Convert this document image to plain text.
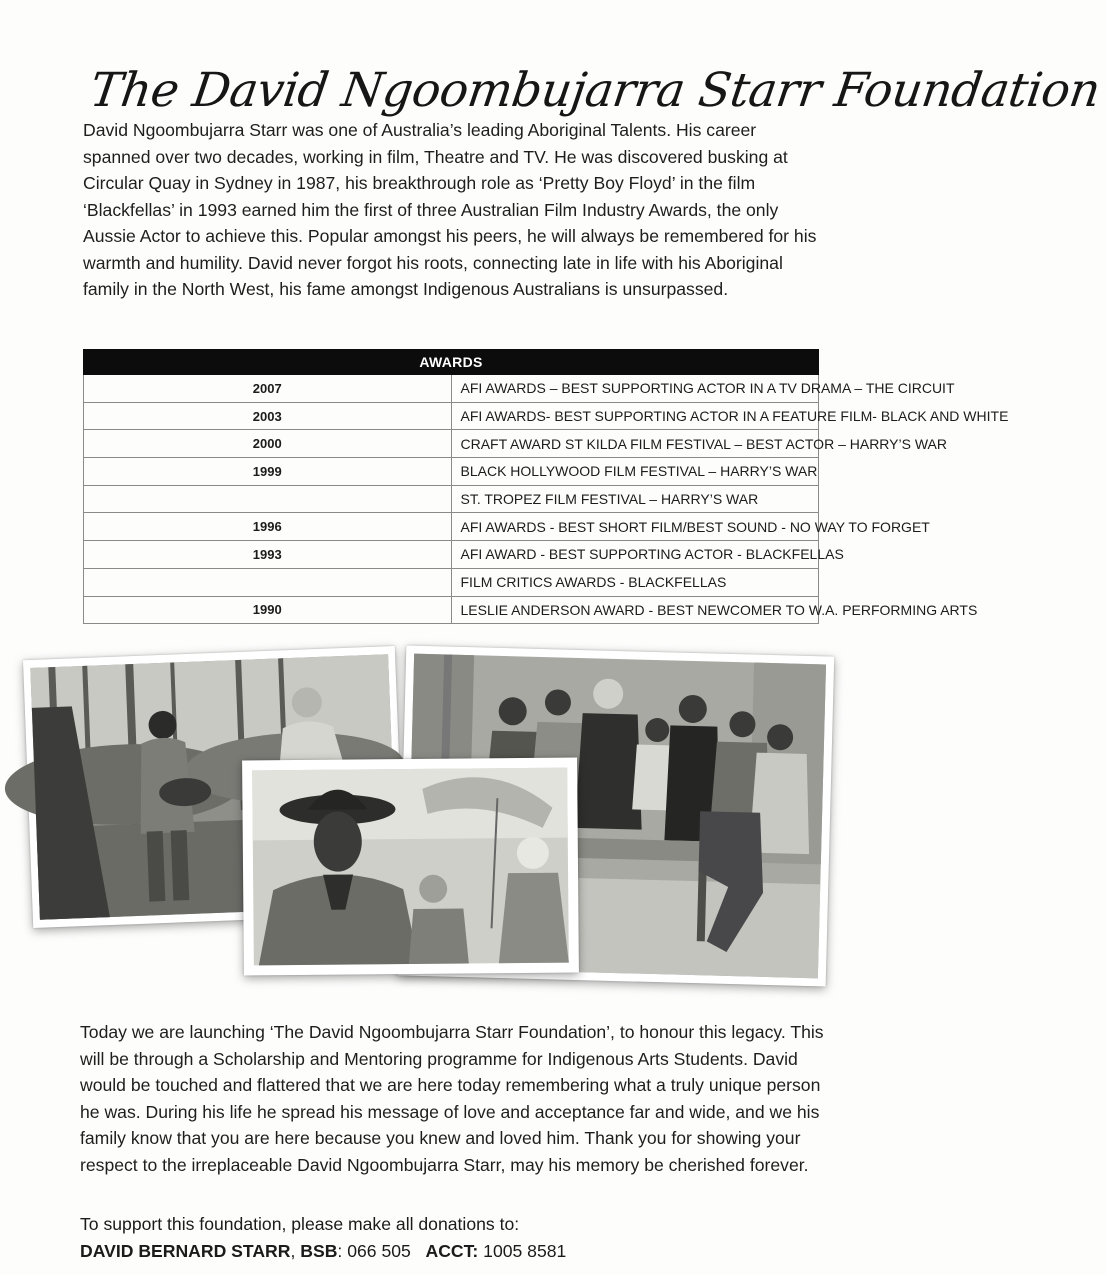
The David Ngoombujarra Starr Foundation

David Ngoombujarra Starr was one of Australia’s leading Aboriginal Talents. His career spanned over two decades, working in film, Theatre and TV. He was discovered busking at Circular Quay in Sydney in 1987, his breakthrough role as ‘Pretty Boy Floyd’ in the film ‘Blackfellas’ in 1993 earned him the first of three Australian Film Industry Awards, the only Aussie Actor to achieve this. Popular amongst his peers, he will always be remembered for his warmth and humility. David never forgot his roots, connecting late in life with his Aboriginal family in the North West, his fame amongst Indigenous Australians is unsurpassed.

AWARDS	
2007	AFI AWARDS – BEST SUPPORTING ACTOR IN A TV DRAMA – THE CIRCUIT
2003	AFI AWARDS- BEST SUPPORTING ACTOR IN A FEATURE FILM- BLACK AND WHITE
2000	CRAFT AWARD ST KILDA FILM FESTIVAL – BEST ACTOR – HARRY’S WAR
1999	BLACK HOLLYWOOD FILM FESTIVAL – HARRY’S WAR
	ST. TROPEZ FILM FESTIVAL – HARRY’S WAR
1996	AFI AWARDS - BEST SHORT FILM/BEST SOUND - NO WAY TO FORGET
1993	AFI AWARD - BEST SUPPORTING ACTOR - BLACKFELLAS
	FILM CRITICS AWARDS - BLACKFELLAS
1990	LESLIE ANDERSON AWARD - BEST NEWCOMER TO W.A. PERFORMING ARTS

Today we are launching ‘The David Ngoombujarra Starr Foundation’, to honour this legacy. This will be through a Scholarship and Mentoring programme for Indigenous Arts Students. David would be touched and flattered that we are here today remembering what a truly unique person he was. During his life he spread his message of love and acceptance far and wide, and we his family know that you are here because you knew and loved him. Thank you for showing your respect to the irreplaceable David Ngoombujarra Starr, may his memory be cherished forever.

To support this foundation, please make all donations to:
DAVID BERNARD STARR, BSB: 066 505 ACCT: 1005 8581
